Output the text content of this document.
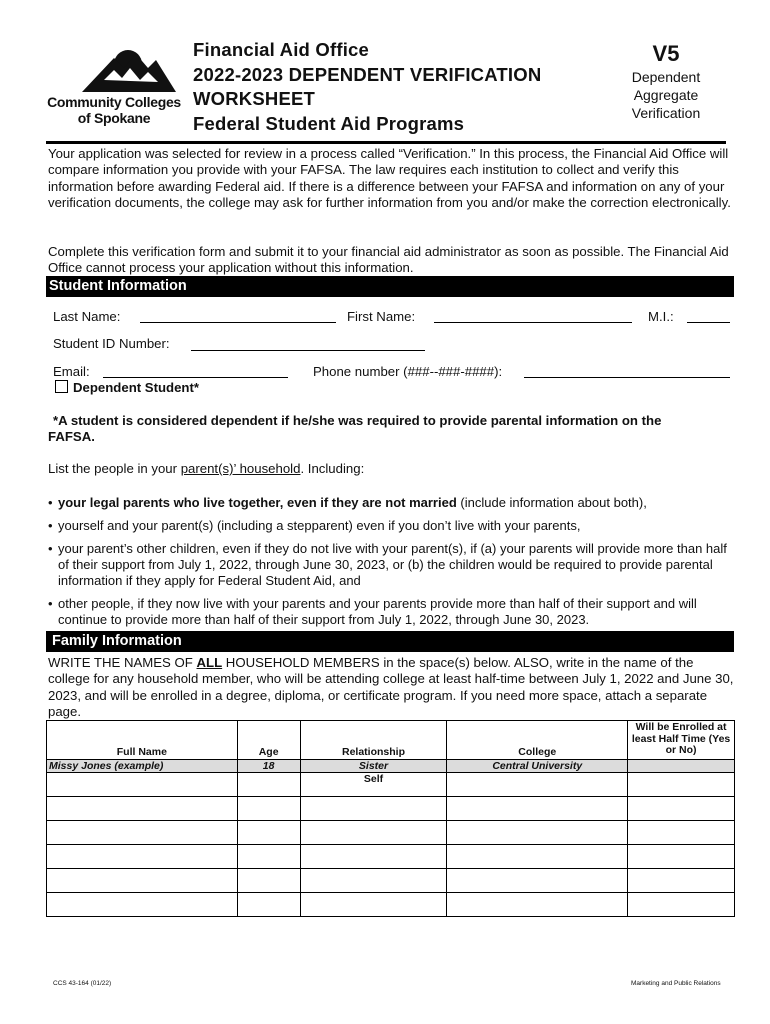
Community Colleges
of Spokane
Financial Aid Office
2022-2023 DEPENDENT VERIFICATION
WORKSHEET
Federal Student Aid Programs
V5
Dependent
Aggregate
Verification
Your application was selected for review in a process called “Verification.” In this process, the Financial Aid Office will compare information you provide with your FAFSA. The law requires each institution to collect and verify this information before awarding Federal aid. If there is a difference between your FAFSA and information on any of your verification documents, the college may ask for further information from you and/or make the correction electronically.
Complete this verification form and submit it to your financial aid administrator as soon as possible. The Financial Aid Office cannot process your application without this information.
Student Information
Last Name:	First Name:	M.I.:
Student ID Number:
Email:	Phone number (###--###-####):
Dependent Student*
*A student is considered dependent if he/she was required to provide parental information on the FAFSA.
List the people in your parent(s)’ household. Including:
• your legal parents who live together, even if they are not married (include information about both),
• yourself and your parent(s) (including a stepparent) even if you don’t live with your parents,
• your parent’s other children, even if they do not live with your parent(s), if (a) your parents will provide more than half of their support from July 1, 2022, through June 30, 2023, or (b) the children would be required to provide parental information if they apply for Federal Student Aid, and
• other people, if they now live with your parents and your parents provide more than half of their support and will continue to provide more than half of their support from July 1, 2022, through June 30, 2023.
Family Information
WRITE THE NAMES OF ALL HOUSEHOLD MEMBERS in the space(s) below. ALSO, write in the name of the college for any household member, who will be attending college at least half-time between July 1, 2022 and June 30, 2023, and will be enrolled in a degree, diploma, or certificate program. If you need more space, attach a separate page.
Full Name	Age	Relationship	College	Will be Enrolled at least Half Time (Yes or No)
Missy Jones (example)	18	Sister	Central University	
		Self		

CCS 43-164 (01/22)	Marketing and Public Relations
